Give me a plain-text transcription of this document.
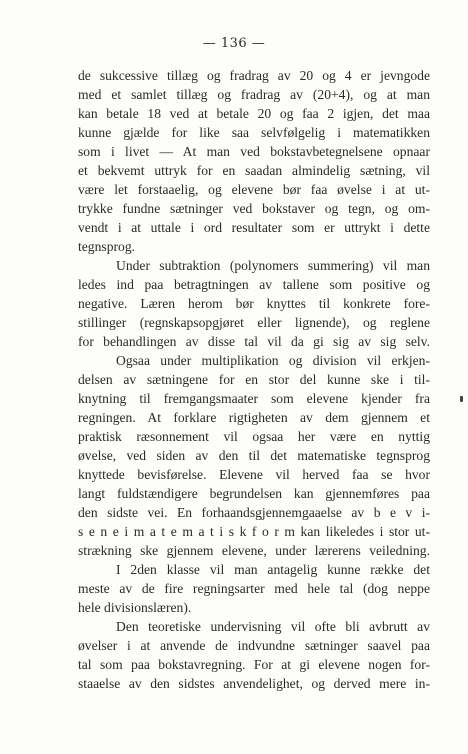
— 136 —
de sukcessive tillæg og fradrag av 20 og 4 er jevngode
med et samlet tillæg og fradrag av (20+4), og at man
kan betale 18 ved at betale 20 og faa 2 igjen, det maa
kunne gjælde for like saa selvfølgelig i matematikken
som i livet — At man ved bokstavbetegnelsene opnaar
et bekvemt uttryk for en saadan almindelig sætning, vil
være let forstaaelig, og elevene bør faa øvelse i at ut-
trykke fundne sætninger ved bokstaver og tegn, og om-
vendt i at uttale i ord resultater som er uttrykt i dette
tegnsprog.
Under subtraktion (polynomers summering) vil man
ledes ind paa betragtningen av tallene som positive og
negative. Læren herom bør knyttes til konkrete fore-
stillinger (regnskapsopgjøret eller lignende), og reglene
for behandlingen av disse tal vil da gi sig av sig selv.
Ogsaa under multiplikation og division vil erkjen-
delsen av sætningene for en stor del kunne ske i til-
knytning til fremgangsmaater som elevene kjender fra
regningen. At forklare rigtigheten av dem gjennem et
praktisk ræsonnement vil ogsaa her være en nyttig
øvelse, ved siden av den til det matematiske tegnsprog
knyttede bevisførelse. Elevene vil herved faa se hvor
langt fuldstændigere begrundelsen kan gjennemføres paa
den sidste vei. En forhaandsgjennemgaaelse av b e v i-
s e n e i m a t e m a t i s k f o r m kan likeledes i stor ut-
strækning ske gjennem elevene, under lærerens veiledning.
I 2den klasse vil man antagelig kunne række det
meste av de fire regningsarter med hele tal (dog neppe
hele divisionslæren).
Den teoretiske undervisning vil ofte bli avbrutt av
øvelser i at anvende de indvundne sætninger saavel paa
tal som paa bokstavregning. For at gi elevene nogen for-
staaelse av den sidstes anvendelighet, og derved mere in-
